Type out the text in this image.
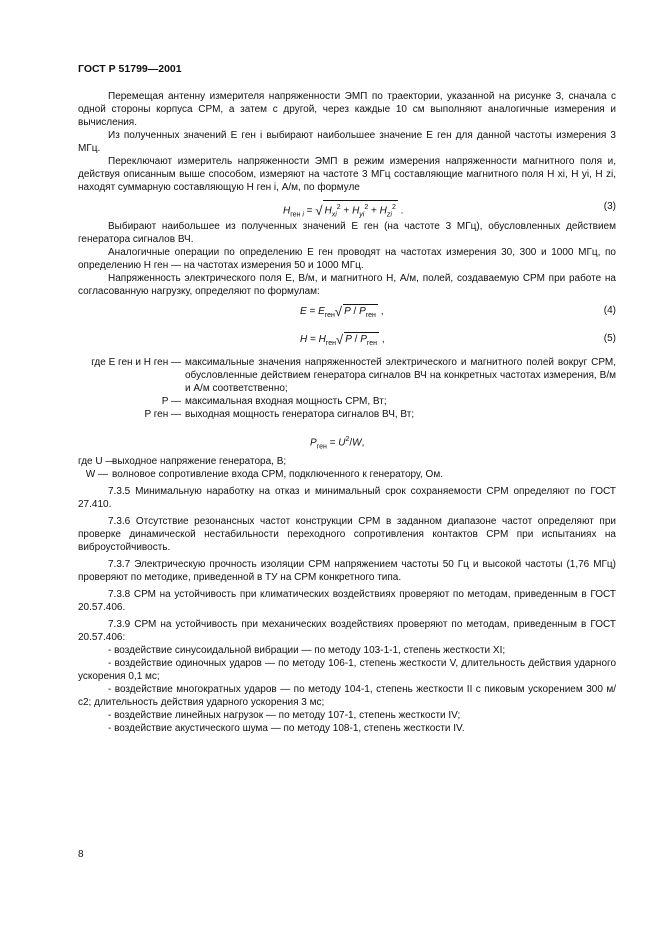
ГОСТ Р 51799—2001

Перемещая антенну измерителя напряженности ЭМП по траектории, указанной на рисунке 3, сначала с одной стороны корпуса СРМ, а затем с другой, через каждые 10 см выполняют аналогичные измерения и вычисления.

Из полученных значений E ген i выбирают наибольшее значение E ген для данной частоты измерения 3 МГц.

Переключают измеритель напряженности ЭМП в режим измерения напряженности магнитного поля и, действуя описанным выше способом, измеряют на частоте 3 МГц составляющие магнитного поля H xi, H yi, H zi, находят суммарную составляющую H ген i, А/м, по формуле

$H_{ген i}$ = √ $H_{xi}^2 + H_{yi}^2 + H_{zi}^2$ .	(3)

Выбирают наибольшее из полученных значений E ген (на частоте 3 МГц), обусловленных действием генератора сигналов ВЧ.

Аналогичные операции по определению E ген проводят на частотах измерения 30, 300 и 1000 МГц, по определению H ген — на частотах измерения 50 и 1000 МГц.

Напряженность электрического поля E, В/м, и магнитного H, А/м, полей, создаваемую СРМ при работе на согласованную нагрузку, определяют по формулам:

$E = E_{ген}√$ P / $P_{ген}$ ,	(4)
$H = H_{ген}√$ P / $P_{ген}$ ,	(5)
где E ген и H ген — максимальные значения напряженностей электрического и магнитного полей вокруг СРМ, обусловленные действием генератора сигналов ВЧ на конкретных частотах измерения, В/м и А/м соответственно;
P — максимальная входная мощность СРМ, Вт;
P ген — выходная мощность генератора сигналов ВЧ, Вт;
$P_{ген} = U^2/W$,
где U —
выходное напряжение генератора, В;
W — волновое сопротивление входа СРМ, подключенного к генератору, Ом.

7.3.5 Минимальную наработку на отказ и минимальный срок сохраняемости СРМ определяют по ГОСТ 27.410.

7.3.6 Отсутствие резонансных частот конструкции СРМ в заданном диапазоне частот определяют при проверке динамической нестабильности переходного сопротивления контактов СРМ при испытаниях на виброустойчивость.

7.3.7 Электрическую прочность изоляции СРМ напряжением частоты 50 Гц и высокой частоты (1,76 МГц) проверяют по методике, приведенной в ТУ на СРМ конкретного типа.

7.3.8 СРМ на устойчивость при климатических воздействиях проверяют по методам, приведенным в ГОСТ 20.57.406.

7.3.9 СРМ на устойчивость при механических воздействиях проверяют по методам, приведенным в ГОСТ 20.57.406:

- воздействие синусоидальной вибрации — по методу 103-1-1, степень жесткости XI;

- воздействие одиночных ударов — по методу 106-1, степень жесткости V, длительность действия ударного ускорения 0,1 мс;

- воздействие многократных ударов — по методу 104-1, степень жесткости II с пиковым ускорением 300 м/с2; длительность действия ударного ускорения 3 мс;

- воздействие линейных нагрузок — по методу 107-1, степень жесткости IV;

- воздействие акустического шума — по методу 108-1, степень жесткости IV.

8
